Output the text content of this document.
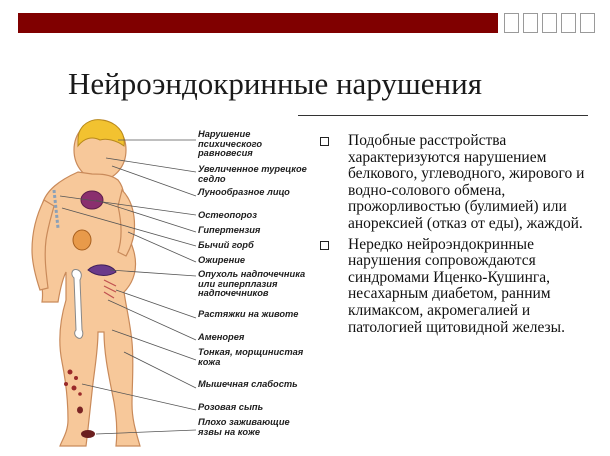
Нейроэндокринные нарушения
Подобные расстройства характеризуются нарушением белкового, углеводного, жирового и водно-солового обмена, прожорливостью (булимией) или анорексией (отказ от еды), жаждой.
Нередко нейроэндокринные нарушения сопровождаются синдромами Иценко-Кушинга, несахарным диабетом, ранним климаксом, акромегалией и патологией щитовидной железы.
Нарушение психического равновесия
Увеличенное турецкое седло
Лунообразное лицо
Остеопороз
Гипертензия
Бычий горб
Ожирение
Опухоль надпочечника или гиперплазия надпочечников
Растяжки на животе
Аменорея
Тонкая, морщинистая кожа
Мышечная слабость
Розовая сыпь
Плохо заживающие язвы на коже
